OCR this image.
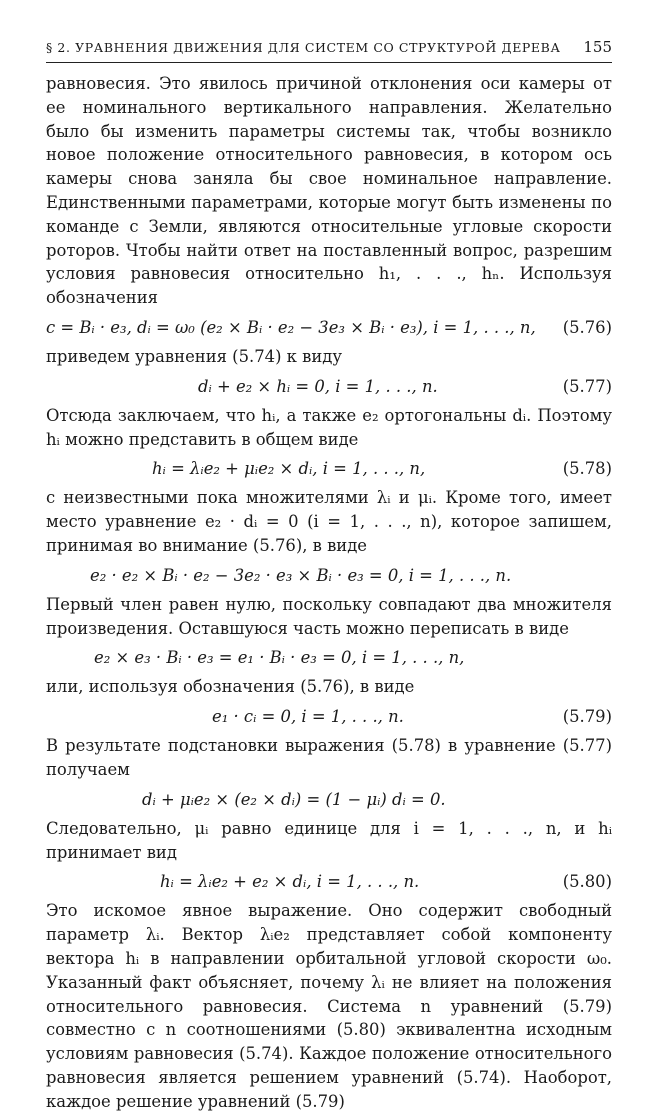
§ 2. УРАВНЕНИЯ ДВИЖЕНИЯ ДЛЯ СИСТЕМ СО СТРУКТУРОЙ ДЕРЕВА 155

равновесия. Это явилось причиной отклонения оси камеры от ее номинального вертикального направления. Желательно было бы изменить параметры системы так, чтобы возникло новое положение относительного равновесия, в котором ось камеры снова заняла бы свое номинальное направление. Единственными параметрами, которые могут быть изменены по команде с Земли, являются относительные угловые скорости роторов. Чтобы найти ответ на поставленный вопрос, разрешим условия равновесия относительно h₁, . . ., hₙ. Используя обозначения

c = Bᵢ · e₃, dᵢ = ω₀ (e₂ × Bᵢ · e₂ − 3e₃ × Bᵢ · e₃), i = 1, . . ., n, (5.76)

приведем уравнения (5.74) к виду

dᵢ + e₂ × hᵢ = 0, i = 1, . . ., n.	(5.77)

Отсюда заключаем, что hᵢ, а также e₂ ортогональны dᵢ. Поэтому hᵢ можно представить в общем виде

hᵢ = λᵢe₂ + μᵢe₂ × dᵢ, i = 1, . . ., n,	(5.78)

с неизвестными пока множителями λᵢ и μᵢ. Кроме того, имеет место уравнение e₂ · dᵢ = 0 (i = 1, . . ., n), которое запишем, принимая во внимание (5.76), в виде

e₂ · e₂ × Bᵢ · e₂ − 3e₂ · e₃ × Bᵢ · e₃ = 0, i = 1, . . ., n.

Первый член равен нулю, поскольку совпадают два множителя произведения. Оставшуюся часть можно переписать в виде

e₂ × e₃ · Bᵢ · e₃ = e₁ · Bᵢ · e₃ = 0, i = 1, . . ., n,

или, используя обозначения (5.76), в виде

e₁ · cᵢ = 0, i = 1, . . ., n.	(5.79)

В результате подстановки выражения (5.78) в уравнение (5.77) получаем

dᵢ + μᵢe₂ × (e₂ × dᵢ) = (1 − μᵢ) dᵢ = 0.

Следовательно, μᵢ равно единице для i = 1, . . ., n, и hᵢ принимает вид

hᵢ = λᵢe₂ + e₂ × dᵢ, i = 1, . . ., n.	(5.80)

Это искомое явное выражение. Оно содержит свободный параметр λᵢ. Вектор λᵢe₂ представляет собой компоненту вектора hᵢ в направлении орбитальной угловой скорости ω₀. Указанный факт объясняет, почему λᵢ не влияет на положения относительного равновесия. Система n уравнений (5.79) совместно с n соотношениями (5.80) эквивалентна исходным условиям равновесия (5.74). Каждое положение относительного равновесия является решением уравнений (5.74). Наоборот, каждое решение уравнений (5.79)
